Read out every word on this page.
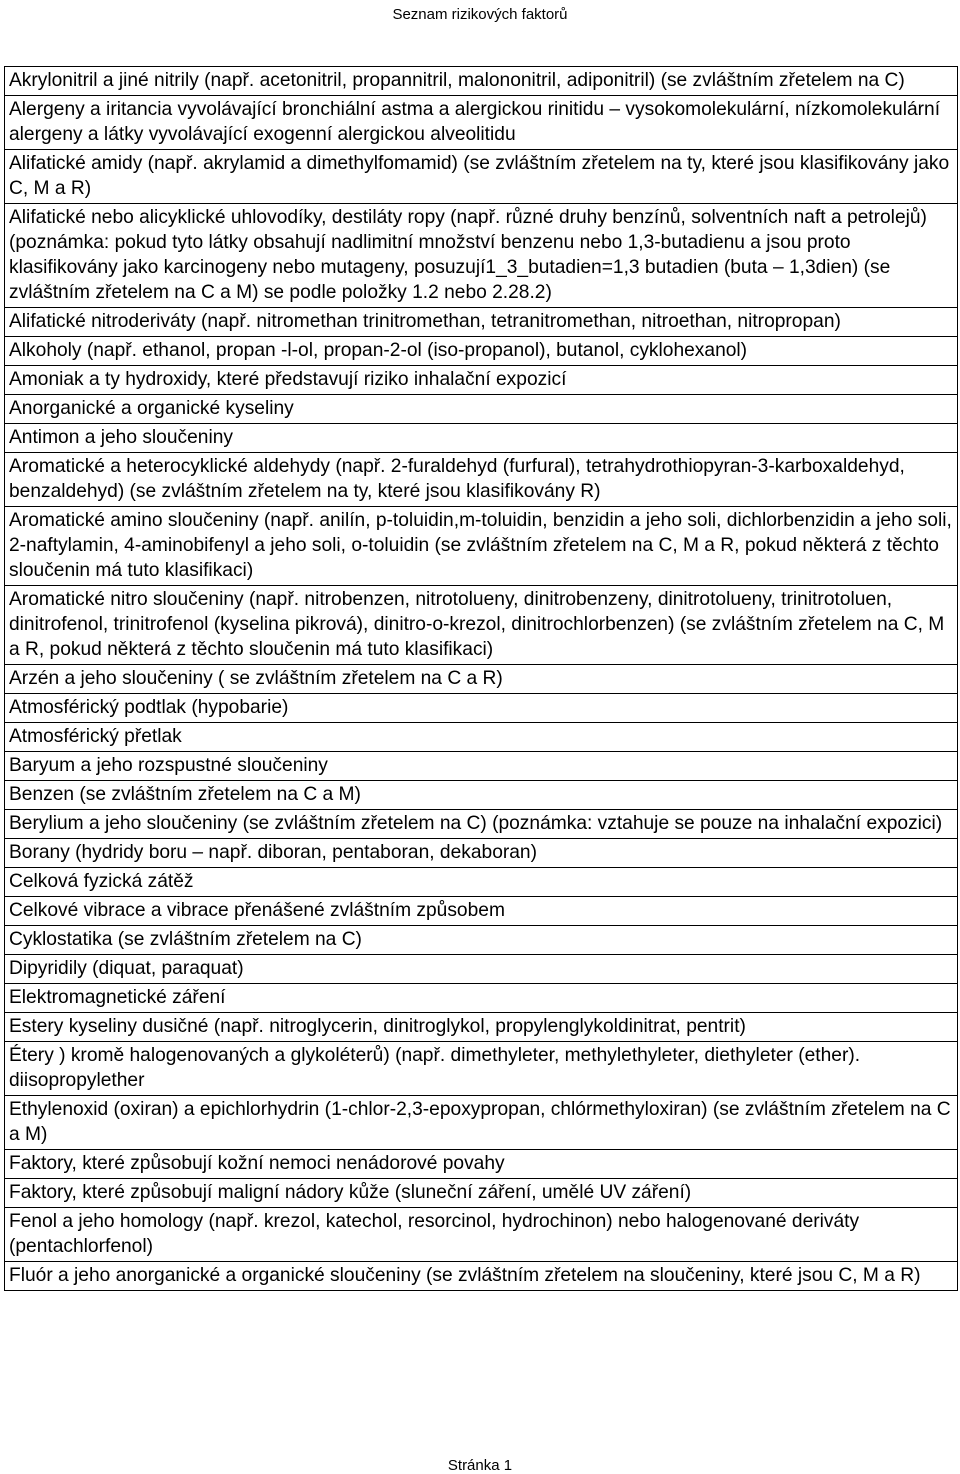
Seznam rizikových faktorů
Akrylonitril a jiné nitrily (např. acetonitril, propannitril, malononitril, adiponitril) (se zvláštním zřetelem na C)
Alergeny a iritancia vyvolávající bronchiální astma a alergickou rinitidu – vysokomolekulární, nízkomolekulární alergeny a látky vyvolávající exogenní alergickou alveolitidu
Alifatické amidy (např. akrylamid a dimethylfomamid) (se zvláštním zřetelem na ty, které jsou klasifikovány jako C, M a R)
Alifatické nebo alicyklické uhlovodíky, destiláty ropy (např. různé druhy benzínů, solventních naft a petrolejů) (poznámka: pokud tyto látky obsahují nadlimitní množství benzenu nebo 1,3-butadienu a jsou proto klasifikovány jako karcinogeny nebo mutageny, posuzují1_3_butadien=1,3 butadien (buta – 1,3dien) (se zvláštním zřetelem na C a M) se podle položky 1.2 nebo 2.28.2)
Alifatické nitroderiváty (např. nitromethan trinitromethan, tetranitromethan, nitroethan, nitropropan)
Alkoholy (např. ethanol, propan -l-ol, propan-2-ol (iso-propanol), butanol, cyklohexanol)
Amoniak a ty hydroxidy, které představují riziko inhalační expozicí
Anorganické a organické kyseliny
Antimon a jeho sloučeniny
Aromatické a heterocyklické aldehydy (např. 2-furaldehyd (furfural), tetrahydrothiopyran-3-karboxaldehyd, benzaldehyd) (se zvláštním zřetelem na ty, které jsou klasifikovány R)
Aromatické amino sloučeniny (např. anilín, p-toluidin,m-toluidin, benzidin a jeho soli, dichlorbenzidin a jeho soli, 2-naftylamin, 4-aminobifenyl a jeho soli, o-toluidin (se zvláštním zřetelem na C, M a R, pokud některá z těchto sloučenin má tuto klasifikaci)
Aromatické nitro sloučeniny (např. nitrobenzen, nitrotolueny, dinitrobenzeny, dinitrotolueny, trinitrotoluen, dinitrofenol, trinitrofenol (kyselina pikrová), dinitro-o-krezol, dinitrochlorbenzen) (se zvláštním zřetelem na C, M a R, pokud některá z těchto sloučenin má tuto klasifikaci)
Arzén a jeho sloučeniny ( se zvláštním zřetelem na C a R)
Atmosférický podtlak (hypobarie)
Atmosférický přetlak
Baryum a jeho rozspustné sloučeniny
Benzen (se zvláštním zřetelem na C a M)
Berylium a jeho sloučeniny (se zvláštním zřetelem na C) (poznámka: vztahuje se pouze na inhalační expozici)
Borany (hydridy boru – např. diboran, pentaboran, dekaboran)
Celková fyzická zátěž
Celkové vibrace a vibrace přenášené zvláštním způsobem
Cyklostatika (se zvláštním zřetelem na C)
Dipyridily (diquat, paraquat)
Elektromagnetické záření
Estery kyseliny dusičné (např. nitroglycerin, dinitroglykol, propylenglykoldinitrat, pentrit)
Étery ) kromě halogenovaných a glykoléterů) (např. dimethyleter, methylethyleter, diethyleter (ether). diisopropylether
Ethylenoxid (oxiran) a epichlorhydrin (1-chlor-2,3-epoxypropan, chlórmethyloxiran) (se zvláštním zřetelem na C a M)
Faktory, které způsobují kožní nemoci nenádorové povahy
Faktory, které způsobují maligní nádory kůže (sluneční záření, umělé UV záření)
Fenol a jeho homology (např. krezol, katechol, resorcinol, hydrochinon) nebo halogenované deriváty (pentachlorfenol)
Fluór a jeho anorganické a organické sloučeniny (se zvláštním zřetelem na sloučeniny, které jsou C, M a R)
Stránka 1
